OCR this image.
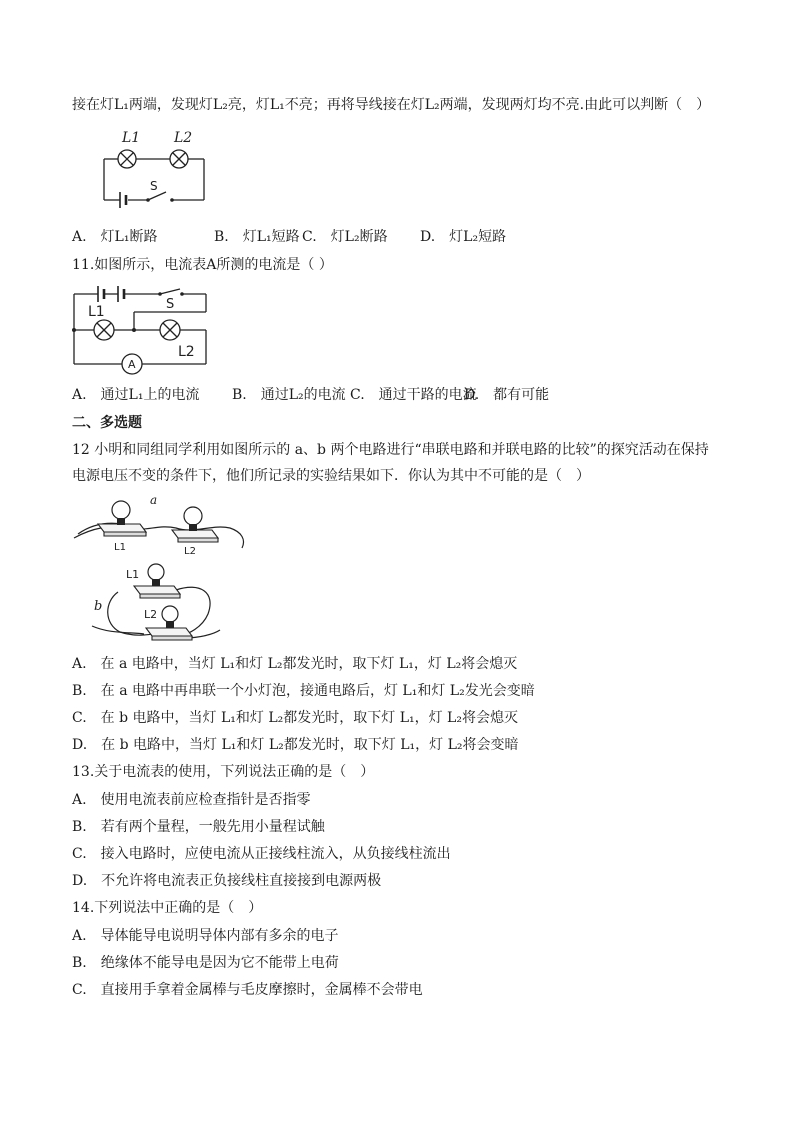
接在灯L₁两端，发现灯L₂亮，灯L₁不亮；再将导线接在灯L₂两端，发现两灯均不亮.由此可以判断（　）
L1 L2
S
A.　灯L₁断路	B.　灯L₁短路 C.　灯L₂断路 D.　灯L₂短路
11.如图所示，电流表A所测的电流是（ ）
S
L1
L2
A
A.　通过L₁上的电流 B.　通过L₂的电流 C.　通过干路的电流D.　都有可能
二、多选题
12 小明和同组同学利用如图所示的 a、b 两个电路进行“串联电路和并联电路的比较”的探究活动在保持
电源电压不变的条件下，他们所记录的实验结果如下．你认为其中不可能的是（　）
a
L1	L2
L1
L2
b
A.　在 a 电路中，当灯 L₁和灯 L₂都发光时，取下灯 L₁，灯 L₂将会熄灭
B.　在 a 电路中再串联一个小灯泡，接通电路后，灯 L₁和灯 L₂发光会变暗
C.　在 b 电路中，当灯 L₁和灯 L₂都发光时，取下灯 L₁，灯 L₂将会熄灭
D.　在 b 电路中，当灯 L₁和灯 L₂都发光时，取下灯 L₁，灯 L₂将会变暗
13.关于电流表的使用，下列说法正确的是（　）
A.　使用电流表前应检查指针是否指零
B.　若有两个量程，一般先用小量程试触
C.　接入电路时，应使电流从正接线柱流入，从负接线柱流出
D.　不允许将电流表正负接线柱直接接到电源两极
14.下列说法中正确的是（　）
A.　导体能导电说明导体内部有多余的电子
B.　绝缘体不能导电是因为它不能带上电荷
C.　直接用手拿着金属棒与毛皮摩擦时，金属棒不会带电
